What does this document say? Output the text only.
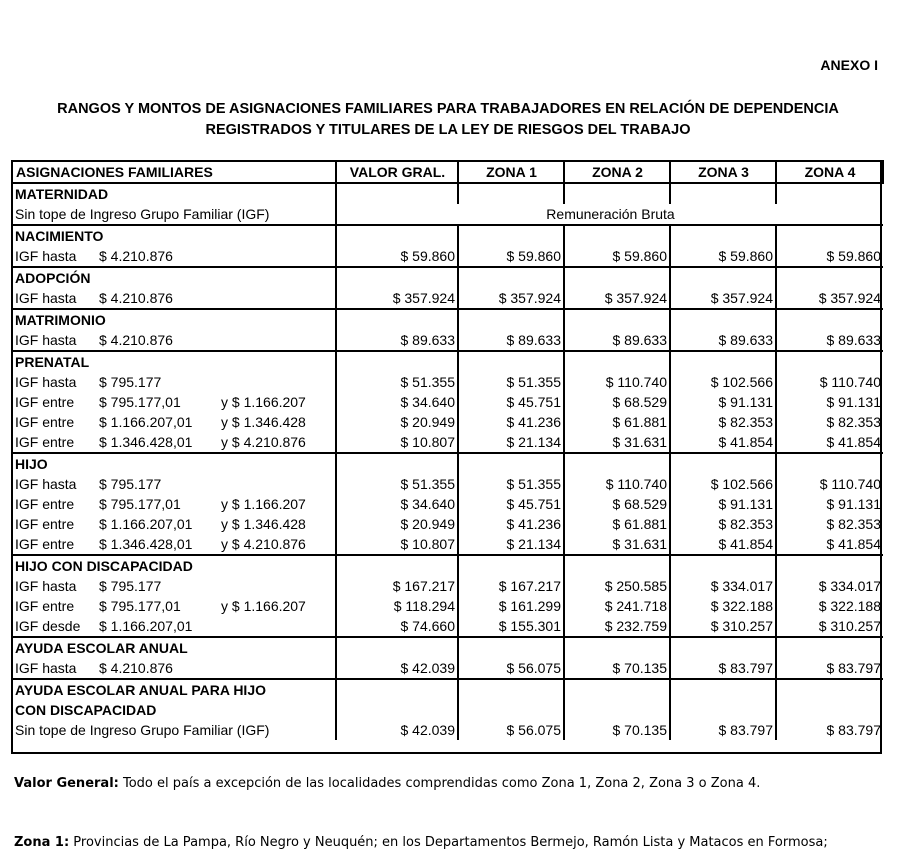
ANEXO I
RANGOS Y MONTOS DE ASIGNACIONES FAMILIARES PARA TRABAJADORES EN RELACIÓN DE DEPENDENCIA
REGISTRADOS Y TITULARES DE LA LEY DE RIESGOS DEL TRABAJO
ASIGNACIONES FAMILIARES	VALOR GRAL.	ZONA 1	ZONA 2	ZONA 3	ZONA 4
MATERNIDAD					
Sin tope de Ingreso Grupo Familiar (IGF)	Remuneración Bruta				
NACIMIENTO					
IGF hasta $ 4.210.876	$ 59.860	$ 59.860	$ 59.860	$ 59.860	$ 59.860
ADOPCIÓN					
IGF hasta $ 4.210.876	$ 357.924	$ 357.924	$ 357.924	$ 357.924	$ 357.924
MATRIMONIO					
IGF hasta $ 4.210.876	$ 89.633	$ 89.633	$ 89.633	$ 89.633	$ 89.633
PRENATAL					
IGF hasta $ 795.177	$ 51.355	$ 51.355	$ 110.740	$ 102.566	$ 110.740
IGF entre $ 795.177,01 y $ 1.166.207	$ 34.640	$ 45.751	$ 68.529	$ 91.131	$ 91.131
IGF entre $ 1.166.207,01 y $ 1.346.428	$ 20.949	$ 41.236	$ 61.881	$ 82.353	$ 82.353
IGF entre $ 1.346.428,01 y $ 4.210.876	$ 10.807	$ 21.134	$ 31.631	$ 41.854	$ 41.854
HIJO					
IGF hasta $ 795.177	$ 51.355	$ 51.355	$ 110.740	$ 102.566	$ 110.740
IGF entre $ 795.177,01 y $ 1.166.207	$ 34.640	$ 45.751	$ 68.529	$ 91.131	$ 91.131
IGF entre $ 1.166.207,01 y $ 1.346.428	$ 20.949	$ 41.236	$ 61.881	$ 82.353	$ 82.353
IGF entre $ 1.346.428,01 y $ 4.210.876	$ 10.807	$ 21.134	$ 31.631	$ 41.854	$ 41.854
HIJO CON DISCAPACIDAD					
IGF hasta $ 795.177	$ 167.217	$ 167.217	$ 250.585	$ 334.017	$ 334.017
IGF entre $ 795.177,01 y $ 1.166.207	$ 118.294	$ 161.299	$ 241.718	$ 322.188	$ 322.188
IGF desde $ 1.166.207,01	$ 74.660	$ 155.301	$ 232.759	$ 310.257	$ 310.257
AYUDA ESCOLAR ANUAL					
IGF hasta $ 4.210.876	$ 42.039	$ 56.075	$ 70.135	$ 83.797	$ 83.797
AYUDA ESCOLAR ANUAL PARA HIJO					
CON DISCAPACIDAD					
Sin tope de Ingreso Grupo Familiar (IGF)	$ 42.039	$ 56.075	$ 70.135	$ 83.797	$ 83.797
Valor General: Todo el país a excepción de las localidades comprendidas como Zona 1, Zona 2, Zona 3 o Zona 4.
Zona 1: Provincias de La Pampa, Río Negro y Neuquén; en los Departamentos Bermejo, Ramón Lista y Matacos en Formosa;
